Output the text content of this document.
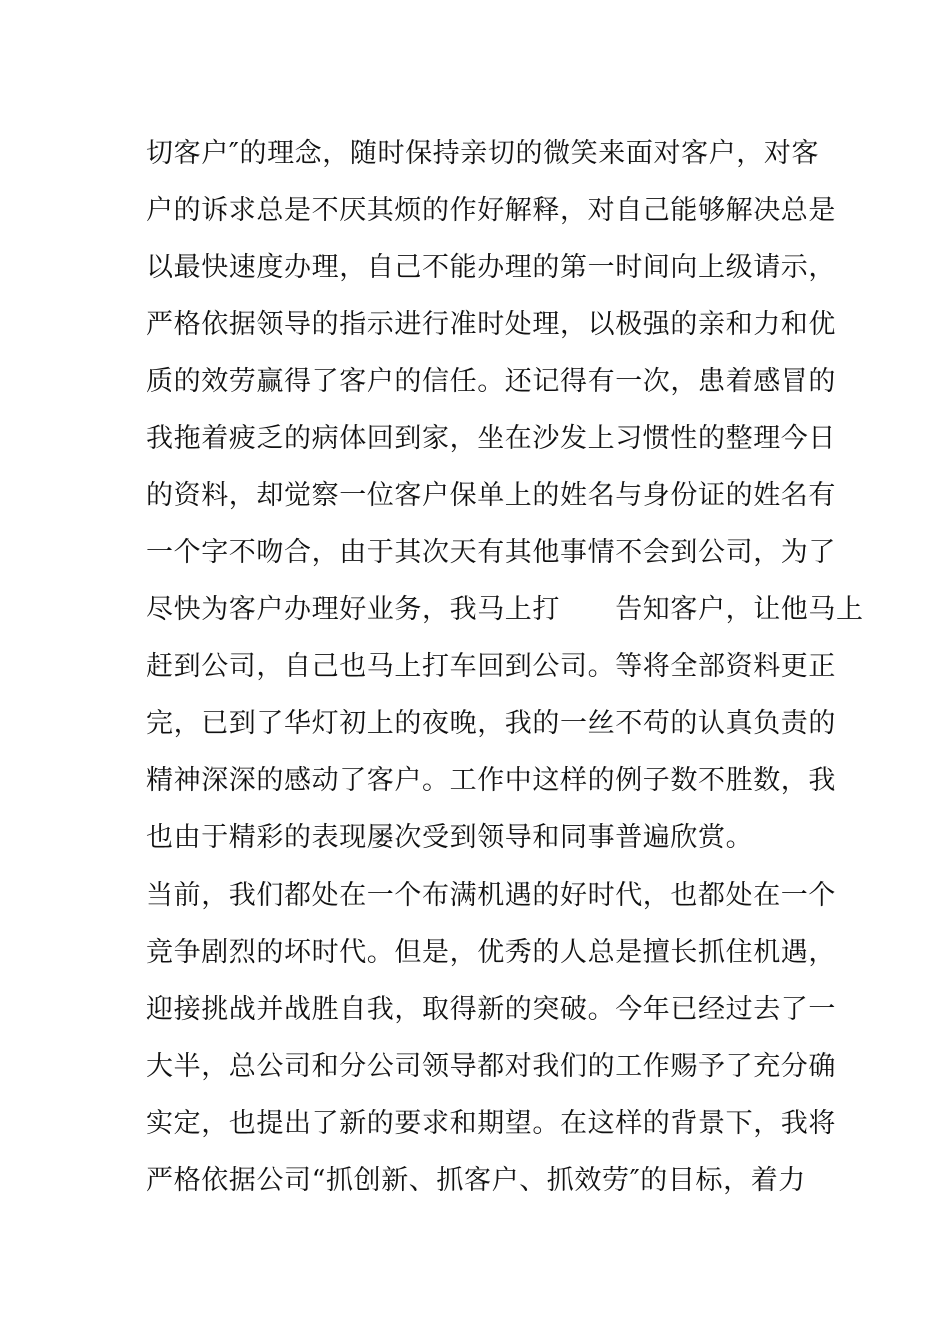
切客户″的理念，随时保持亲切的微笑来面对客户，对客
户的诉求总是不厌其烦的作好解释，对自己能够解决总是
以最快速度办理，自己不能办理的第一时间向上级请示，
严格依据领导的指示进行准时处理，以极强的亲和力和优
质的效劳赢得了客户的信任。还记得有一次，患着感冒的
我拖着疲乏的病体回到家，坐在沙发上习惯性的整理今日
的资料，却觉察一位客户保单上的姓名与身份证的姓名有
一个字不吻合，由于其次天有其他事情不会到公司，为了
尽快为客户办理好业务，我马上打　　告知客户，让他马上
赶到公司，自己也马上打车回到公司。等将全部资料更正
完，已到了华灯初上的夜晚，我的一丝不苟的认真负责的
精神深深的感动了客户。工作中这样的例子数不胜数，我
也由于精彩的表现屡次受到领导和同事普遍欣赏。
当前，我们都处在一个布满机遇的好时代，也都处在一个
竞争剧烈的坏时代。但是，优秀的人总是擅长抓住机遇，
迎接挑战并战胜自我，取得新的突破。今年已经过去了一
大半，总公司和分公司领导都对我们的工作赐予了充分确
实定，也提出了新的要求和期望。在这样的背景下，我将
严格依据公司“抓创新、抓客户、抓效劳″的目标，着力
